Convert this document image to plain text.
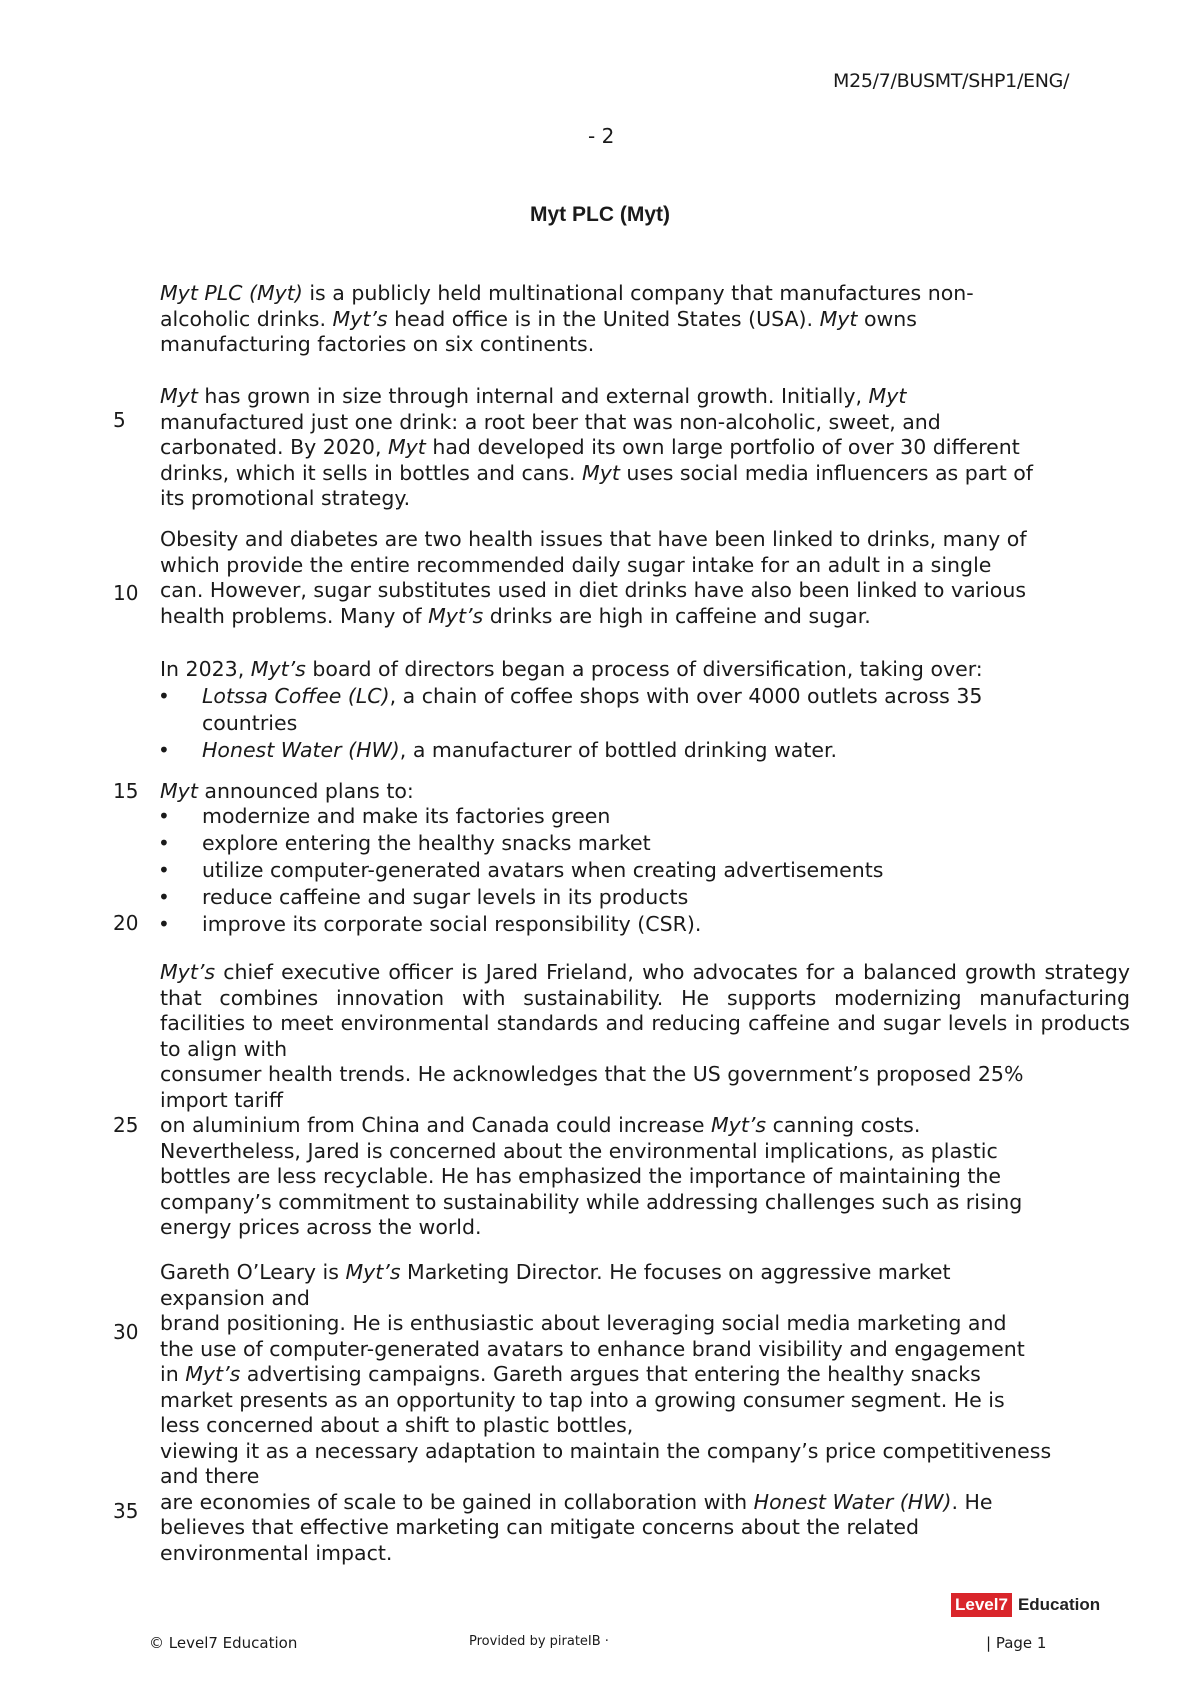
M25/7/BUSMT/SHP1/ENG/
- 2
Myt PLC (Myt)
5
10
15
20
25
30
35

Myt PLC (Myt) is a publicly held multinational company that manufactures non-
alcoholic drinks. Myt’s head office is in the United States (USA). Myt owns
manufacturing factories on six continents.

Myt has grown in size through internal and external growth. Initially, Myt
manufactured just one drink: a root beer that was non-alcoholic, sweet, and
carbonated. By 2020, Myt had developed its own large portfolio of over 30 different
drinks, which it sells in bottles and cans. Myt uses social media influencers as part of
its promotional strategy.

Obesity and diabetes are two health issues that have been linked to drinks, many of
which provide the entire recommended daily sugar intake for an adult in a single
can. However, sugar substitutes used in diet drinks have also been linked to various
health problems. Many of Myt’s drinks are high in caffeine and sugar.

In 2023, Myt’s board of directors began a process of diversification, taking over:

• Lotssa Coffee (LC), a chain of coffee shops with over 4000 outlets across 35
countries
• Honest Water (HW), a manufacturer of bottled drinking water.

Myt announced plans to:

• modernize and make its factories green
• explore entering the healthy snacks market
• utilize computer-generated avatars when creating advertisements
• reduce caffeine and sugar levels in its products
• improve its corporate social responsibility (CSR).

Myt’s chief executive officer is Jared Frieland, who advocates for a balanced growth strategy that combines innovation with sustainability. He supports modernizing manufacturing facilities to meet environmental standards and reducing caffeine and sugar levels in products to align with

consumer health trends. He acknowledges that the US government’s proposed 25%
import tariff
on aluminium from China and Canada could increase Myt’s canning costs.
Nevertheless, Jared is concerned about the environmental implications, as plastic
bottles are less recyclable. He has emphasized the importance of maintaining the
company’s commitment to sustainability while addressing challenges such as rising
energy prices across the world.

Gareth O’Leary is Myt’s Marketing Director. He focuses on aggressive market
expansion and
brand positioning. He is enthusiastic about leveraging social media marketing and
the use of computer-generated avatars to enhance brand visibility and engagement
in Myt’s advertising campaigns. Gareth argues that entering the healthy snacks
market presents as an opportunity to tap into a growing consumer segment. He is
less concerned about a shift to plastic bottles,
viewing it as a necessary adaptation to maintain the company’s price competitiveness
and there
are economies of scale to be gained in collaboration with Honest Water (HW). He
believes that effective marketing can mitigate concerns about the related
environmental impact.

Level7 Education
© Level7 Education	Provided by pirateIB ·	| Page 1
